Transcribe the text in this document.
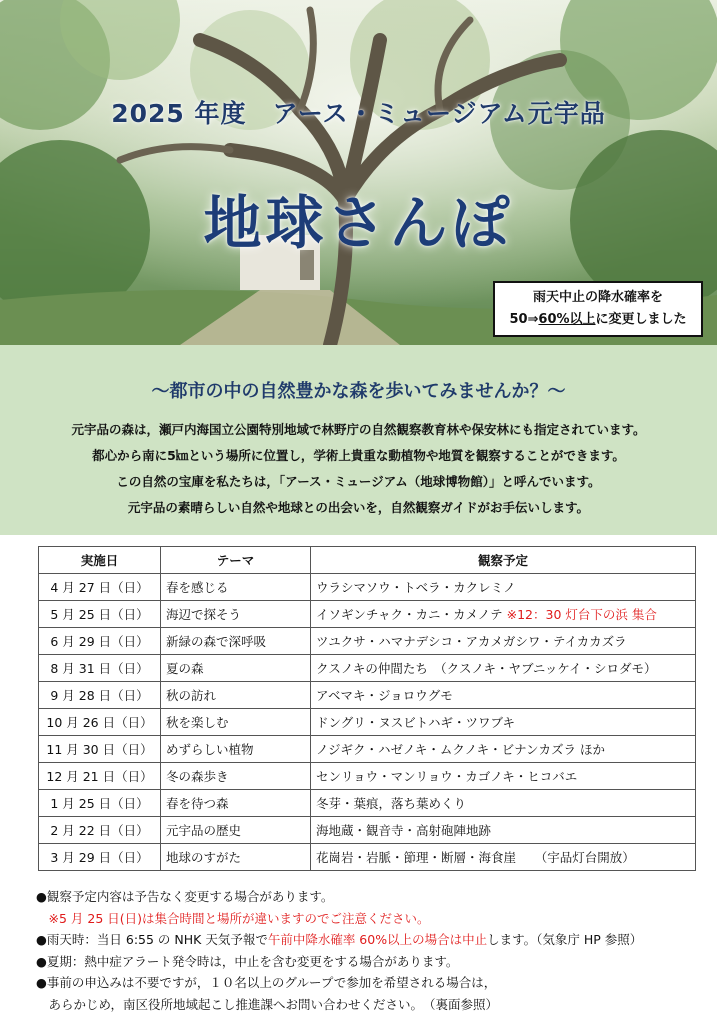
2025 年度　アース・ミュージアム元宇品
地球さんぽ
雨天中止の降水確率を
50⇒60%以上に変更しました
～都市の中の自然豊かな森を歩いてみませんか？～
元宇品の森は，瀬戸内海国立公園特別地域で林野庁の自然観察教育林や保安林にも指定されています。
都心から南に5㎞という場所に位置し，学術上貴重な動植物や地質を観察することができます。
この自然の宝庫を私たちは，「アース・ミュージアム（地球博物館）」と呼んでいます。
元宇品の素晴らしい自然や地球との出会いを，自然観察ガイドがお手伝いします。
実施日	テーマ	観察予定
4 月 27 日（日）	春を感じる	ウラシマソウ・トベラ・カクレミノ
5 月 25 日（日）	海辺で探そう	イソギンチャク・カニ・カメノテ ※12：30 灯台下の浜 集合
6 月 29 日（日）	新緑の森で深呼吸	ツユクサ・ハマナデシコ・アカメガシワ・テイカカズラ
8 月 31 日（日）	夏の森	クスノキの仲間たち　（クスノキ・ヤブニッケイ・シロダモ）
9 月 28 日（日）	秋の訪れ	アベマキ・ジョロウグモ
10 月 26 日（日）	秋を楽しむ	ドングリ・ヌスビトハギ・ツワブキ
11 月 30 日（日）	めずらしい植物	ノジギク・ハゼノキ・ムクノキ・ビナンカズラ ほか
12 月 21 日（日）	冬の森歩き	センリョウ・マンリョウ・カゴノキ・ヒコバエ
1 月 25 日（日）	春を待つ森	冬芽・葉痕，落ち葉めくり
2 月 22 日（日）	元宇品の歴史	海地蔵・観音寺・高射砲陣地跡
3 月 29 日（日）	地球のすがた	花崗岩・岩脈・節理・断層・海食崖　　（宇品灯台開放）
●観察予定内容は予告なく変更する場合があります。
　※5 月 25 日(日)は集合時間と場所が違いますのでご注意ください。
●雨天時：当日 6:55 の NHK 天気予報で午前中降水確率 60%以上の場合は中止します。（気象庁 HP 参照）
●夏期：熱中症アラート発令時は，中止を含む変更をする場合があります。
●事前の申込みは不要ですが，１０名以上のグループで参加を希望される場合は，
　あらかじめ，南区役所地域起こし推進課へお問い合わせください。　（裏面参照）
